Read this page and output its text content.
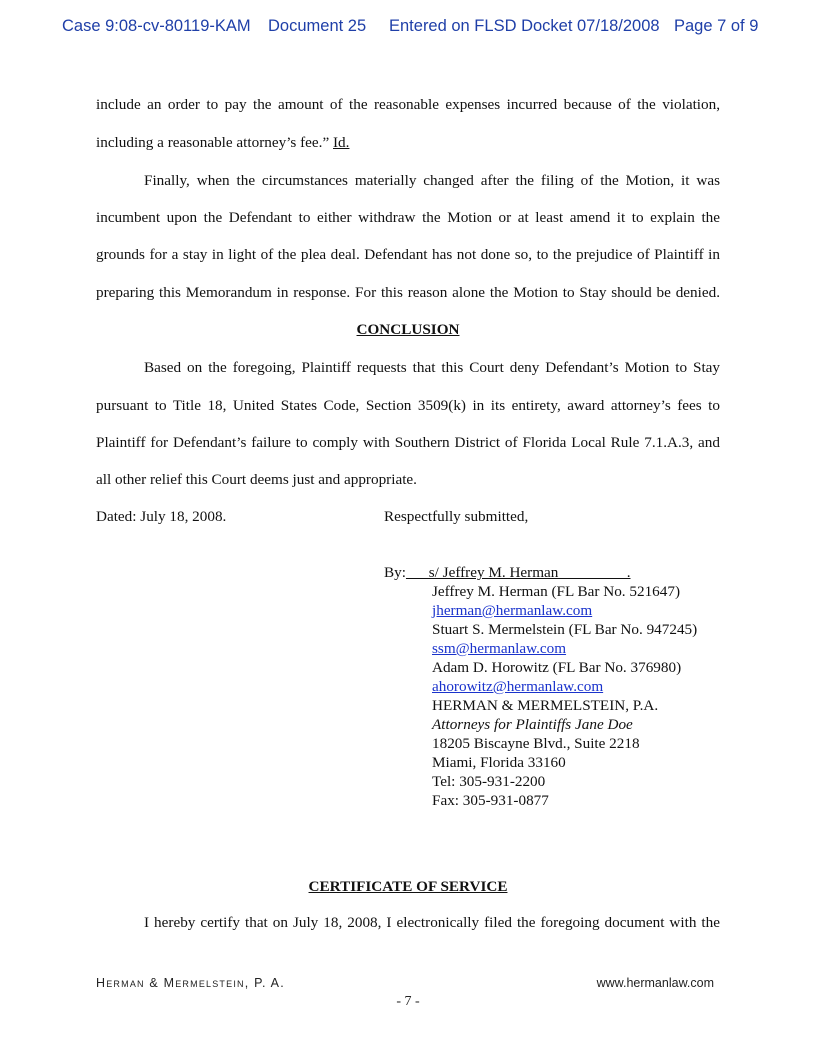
Case 9:08-cv-80119-KAM Document 25 Entered on FLSD Docket 07/18/2008 Page 7 of 9
include an order to pay the amount of the reasonable expenses incurred because of the violation,
including a reasonable attorney’s fee.” Id.
Finally, when the circumstances materially changed after the filing of the Motion, it was
incumbent upon the Defendant to either withdraw the Motion or at least amend it to explain the
grounds for a stay in light of the plea deal. Defendant has not done so, to the prejudice of Plaintiff in
preparing this Memorandum in response. For this reason alone the Motion to Stay should be denied.
CONCLUSION
Based on the foregoing, Plaintiff requests that this Court deny Defendant’s Motion to Stay
pursuant to Title 18, United States Code, Section 3509(k) in its entirety, award attorney’s fees to
Plaintiff for Defendant’s failure to comply with Southern District of Florida Local Rule 7.1.A.3, and
all other relief this Court deems just and appropriate.
Dated: July 18, 2008.	Respectfully submitted,
By:      s/ Jeffrey M. Herman                  .
Jeffrey M. Herman (FL Bar No. 521647)
jherman@hermanlaw.com
Stuart S. Mermelstein (FL Bar No. 947245)
ssm@hermanlaw.com
Adam D. Horowitz (FL Bar No. 376980)
ahorowitz@hermanlaw.com
HERMAN & MERMELSTEIN, P.A.
Attorneys for Plaintiffs Jane Doe
18205 Biscayne Blvd., Suite 2218
Miami, Florida 33160
Tel: 305-931-2200
Fax: 305-931-0877
CERTIFICATE OF SERVICE
I hereby certify that on July 18, 2008, I electronically filed the foregoing document with the
Herman & Mermelstein, P. A.	www.hermanlaw.com
- 7 -
